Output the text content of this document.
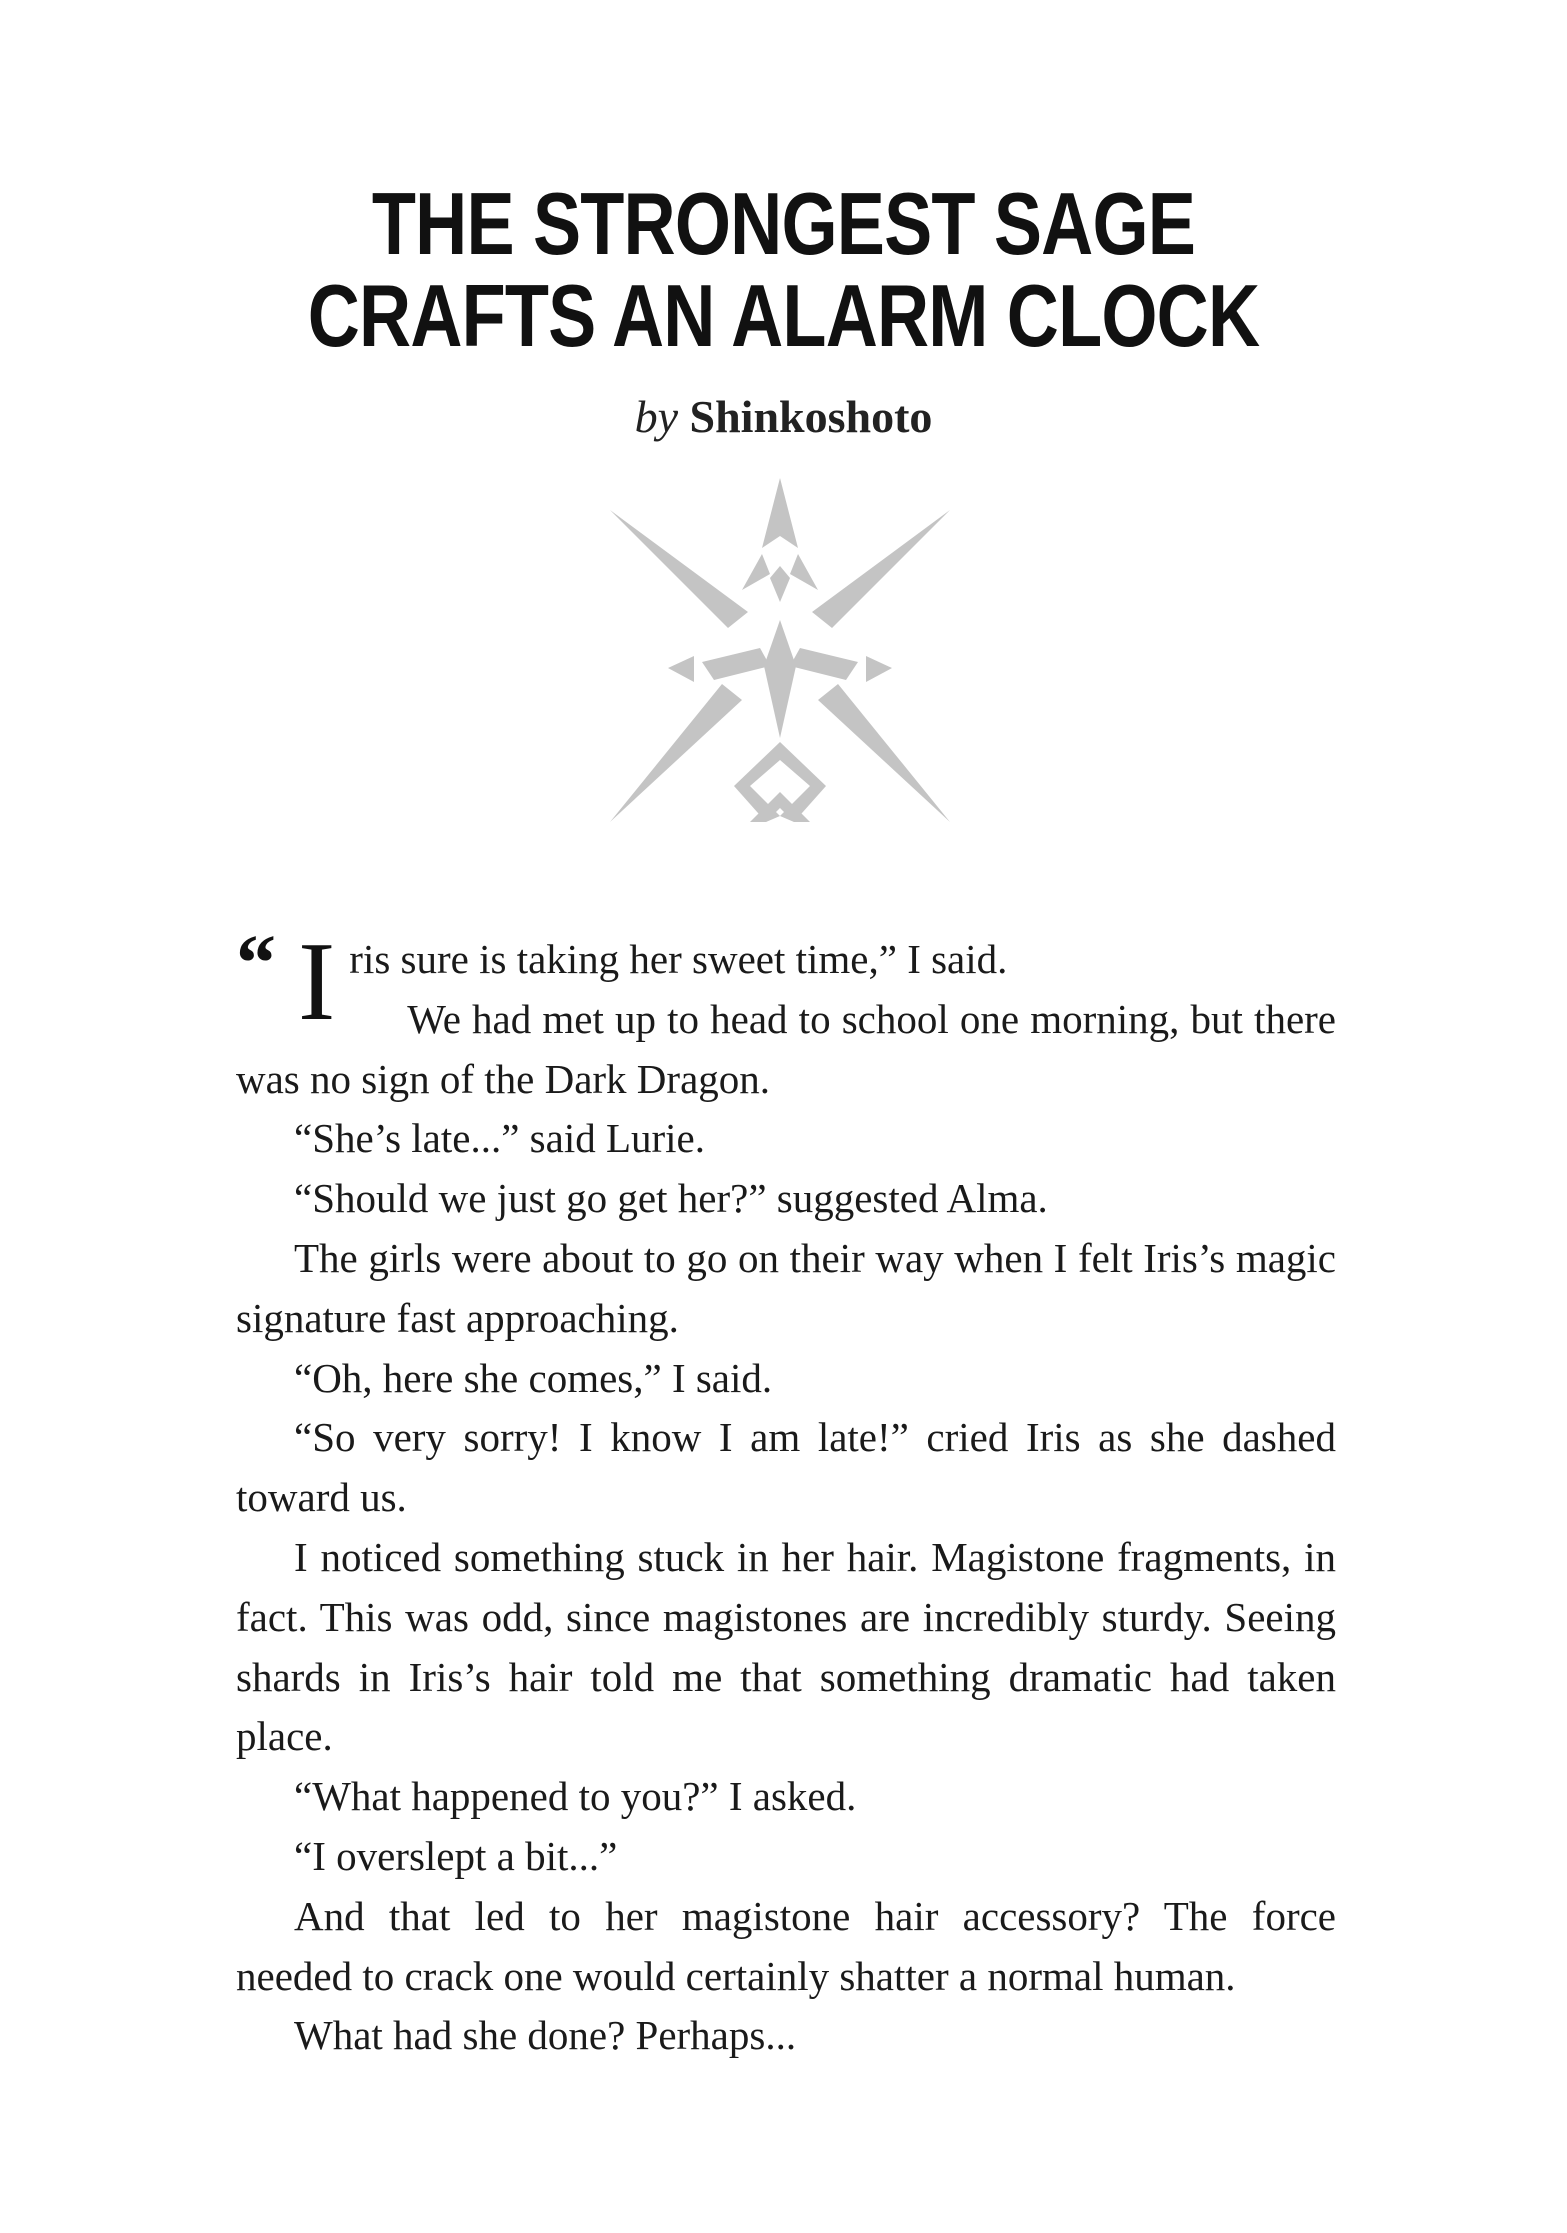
THE STRONGEST SAGE
CRAFTS AN ALARM CLOCK
by Shinkoshoto
“ I ris sure is taking her sweet time,” I said.

We had met up to head to school one morning, but there was no sign of the Dark Dragon.

“She’s late...” said Lurie.

“Should we just go get her?” suggested Alma.

The girls were about to go on their way when I felt Iris’s magic signature fast approaching.

“Oh, here she comes,” I said.

“So very sorry! I know I am late!” cried Iris as she dashed toward us.

I noticed something stuck in her hair. Magistone fragments, in fact. This was odd, since magistones are incredibly sturdy. Seeing shards in Iris’s hair told me that something dramatic had taken place.

“What happened to you?” I asked.

“I overslept a bit...”

And that led to her magistone hair accessory? The force needed to crack one would certainly shatter a normal human.

What had she done? Perhaps...
